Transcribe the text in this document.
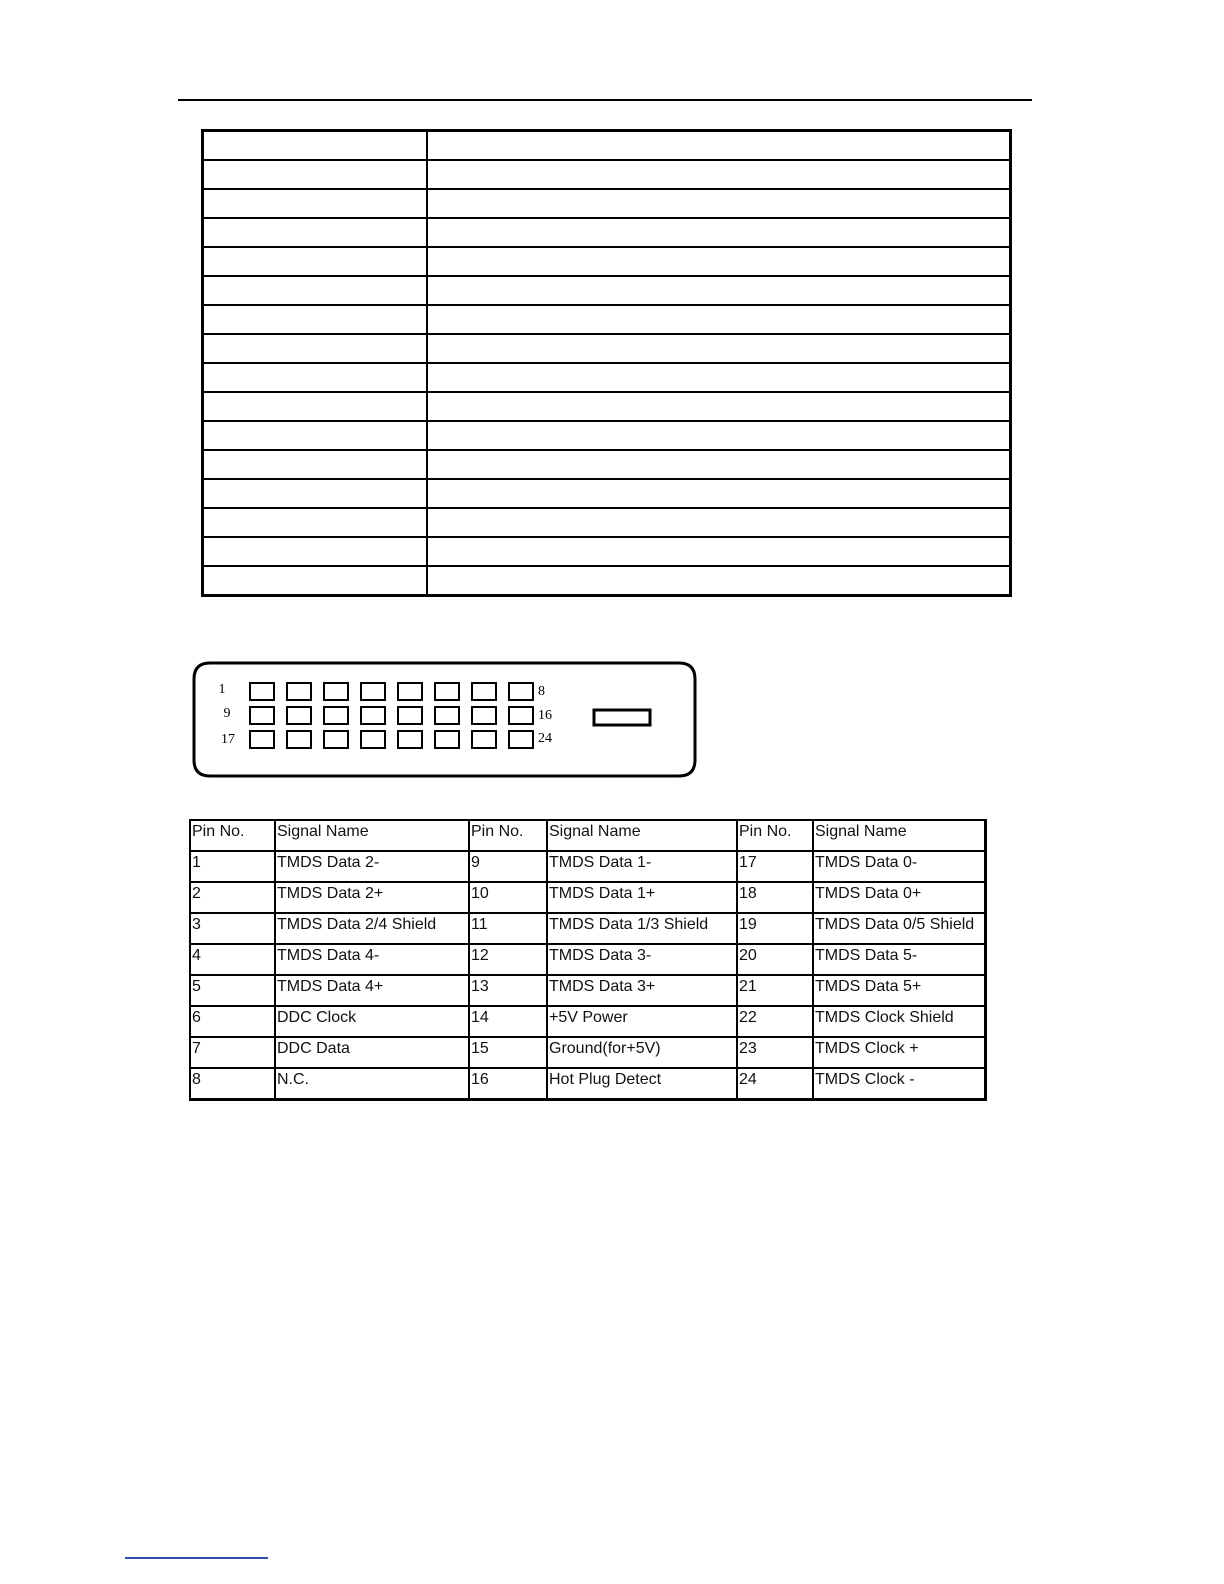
1
9
17
8
16
24
Pin No.	Signal Name	Pin No.	Signal Name	Pin No.	Signal Name
1	TMDS Data 2-	9	TMDS Data 1-	17	TMDS Data 0-
2	TMDS Data 2+	10	TMDS Data 1+	18	TMDS Data 0+
3	TMDS Data 2/4 Shield	11	TMDS Data 1/3 Shield	19	TMDS Data 0/5 Shield
4	TMDS Data 4-	12	TMDS Data 3-	20	TMDS Data 5-
5	TMDS Data 4+	13	TMDS Data 3+	21	TMDS Data 5+
6	DDC Clock	14	+5V Power	22	TMDS Clock Shield
7	DDC Data	15	Ground(for+5V)	23	TMDS Clock +
8	N.C.	16	Hot Plug Detect	24	TMDS Clock -
